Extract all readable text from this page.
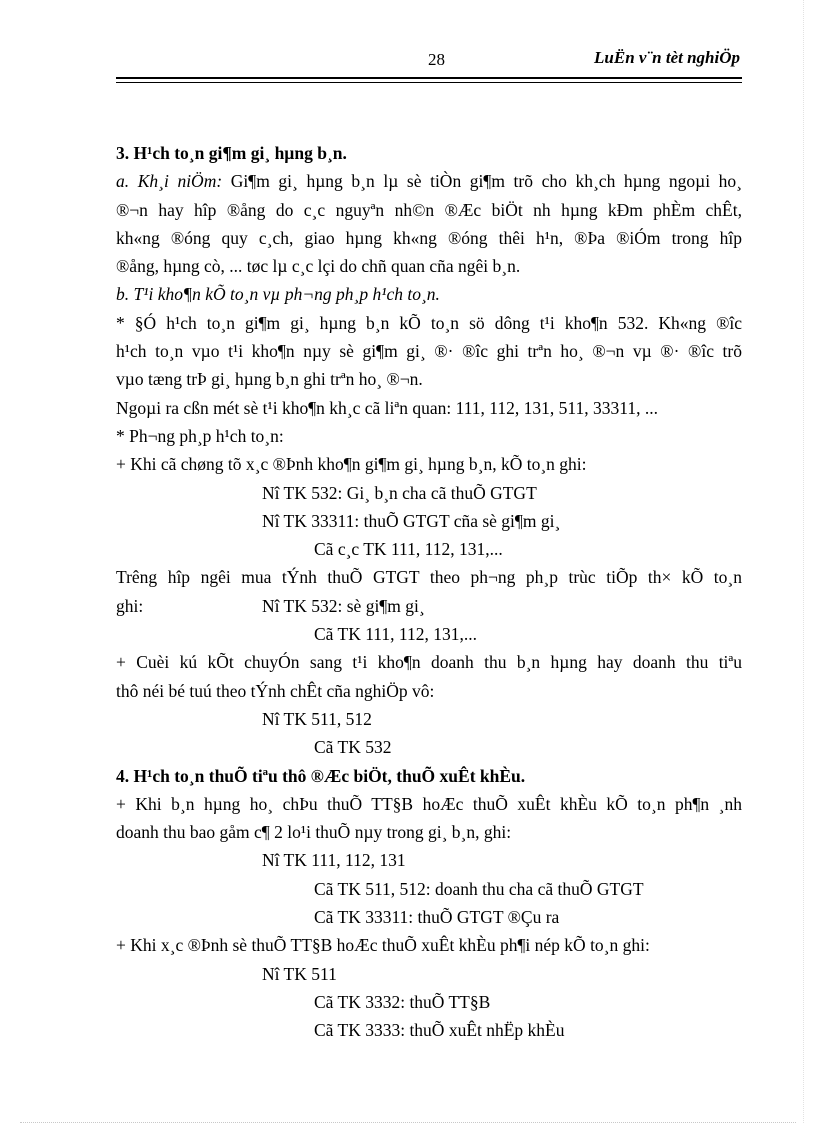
28	LuËn v¨n tèt nghiÖp
3. H¹ch to¸n gi¶m gi¸ hµng b¸n.
a. Kh¸i niÖm: Gi¶m gi¸ hµng b¸n lµ sè tiÒn gi¶m trõ cho kh¸ch hµng ngoµi ho¸
®¬n hay hîp ®ång do c¸c nguyªn nh©n ®Æc biÖt nh hµng kÐm phÈm chÊt,
kh«ng ®óng quy c¸ch, giao hµng kh«ng ®óng thêi h¹n, ®Þa ®iÓm trong hîp
®ång, hµng cò, ... tøc lµ c¸c lçi do chñ quan cña ngêi b¸n.
b. T¹i kho¶n kÕ to¸n vµ ph¬ng ph¸p h¹ch to¸n.
* §Ó h¹ch to¸n gi¶m gi¸ hµng b¸n kÕ to¸n sö dông t¹i kho¶n 532. Kh«ng ®îc
h¹ch to¸n vµo t¹i kho¶n nµy sè gi¶m gi¸ ®· ®îc ghi trªn ho¸ ®¬n vµ ®· ®îc trõ
vµo tæng trÞ gi¸ hµng b¸n ghi trªn ho¸ ®¬n.
Ngoµi ra cßn mét sè t¹i kho¶n kh¸c cã liªn quan: 111, 112, 131, 511, 33311, ...
* Ph¬ng ph¸p h¹ch to¸n:
+ Khi cã chøng tõ x¸c ®Þnh kho¶n gi¶m gi¸ hµng b¸n, kÕ to¸n ghi:
Nî TK 532: Gi¸ b¸n cha cã thuÕ GTGT
Nî TK 33311: thuÕ GTGT cña sè gi¶m gi¸
Cã c¸c TK 111, 112, 131,...
Trêng hîp ngêi mua tÝnh thuÕ GTGT theo ph¬ng ph¸p trùc tiÕp th× kÕ to¸n
ghi:	Nî TK 532: sè gi¶m gi¸
Cã TK 111, 112, 131,...
+ Cuèi kú kÕt chuyÓn sang t¹i kho¶n doanh thu b¸n hµng hay doanh thu tiªu
thô néi bé tuú theo tÝnh chÊt cña nghiÖp vô:
Nî TK 511, 512
Cã TK 532
4. H¹ch to¸n thuÕ tiªu thô ®Æc biÖt, thuÕ xuÊt khÈu.
+ Khi b¸n hµng ho¸ chÞu thuÕ TT§B hoÆc thuÕ xuÊt khÈu kÕ to¸n ph¶n ¸nh
doanh thu bao gåm c¶ 2 lo¹i thuÕ nµy trong gi¸ b¸n, ghi:
Nî TK 111, 112, 131
Cã TK 511, 512: doanh thu cha cã thuÕ GTGT
Cã TK 33311: thuÕ GTGT ®Çu ra
+ Khi x¸c ®Þnh sè thuÕ TT§B hoÆc thuÕ xuÊt khÈu ph¶i nép kÕ to¸n ghi:
Nî TK 511
Cã TK 3332: thuÕ TT§B
Cã TK 3333: thuÕ xuÊt nhËp khÈu
